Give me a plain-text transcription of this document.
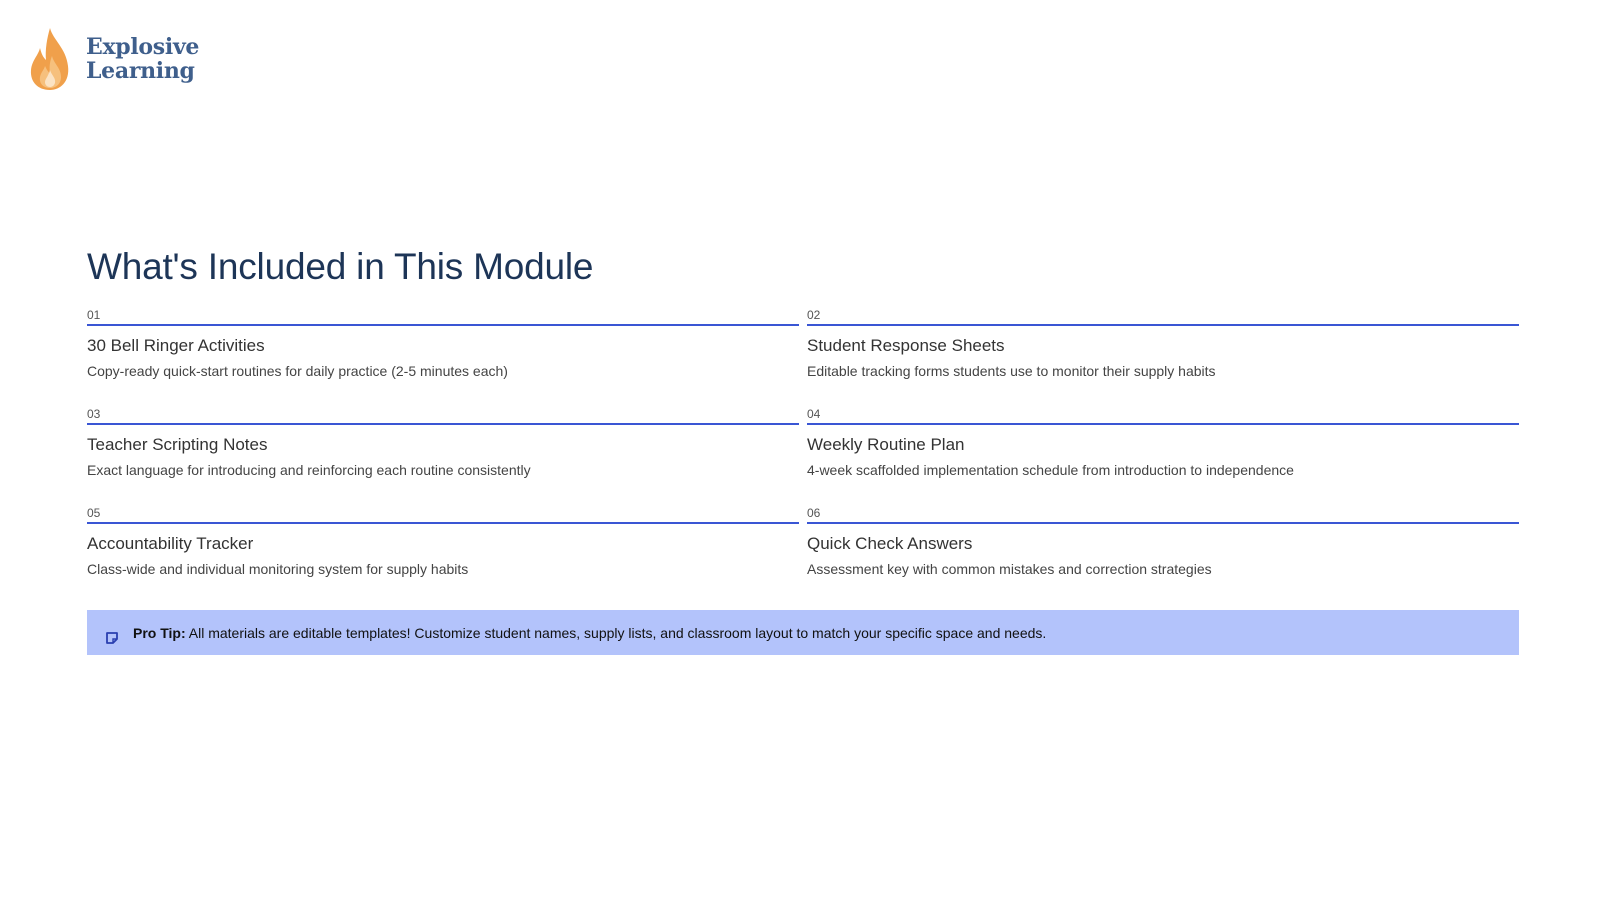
Explosive
Learning
What's Included in This Module
01
30 Bell Ringer Activities
Copy-ready quick-start routines for daily practice (2-5 minutes each)
02
Student Response Sheets
Editable tracking forms students use to monitor their supply habits
03
Teacher Scripting Notes
Exact language for introducing and reinforcing each routine consistently
04
Weekly Routine Plan
4-week scaffolded implementation schedule from introduction to independence
05
Accountability Tracker
Class-wide and individual monitoring system for supply habits
06
Quick Check Answers
Assessment key with common mistakes and correction strategies
Pro Tip: All materials are editable templates! Customize student names, supply lists, and classroom layout to match your specific space and needs.
